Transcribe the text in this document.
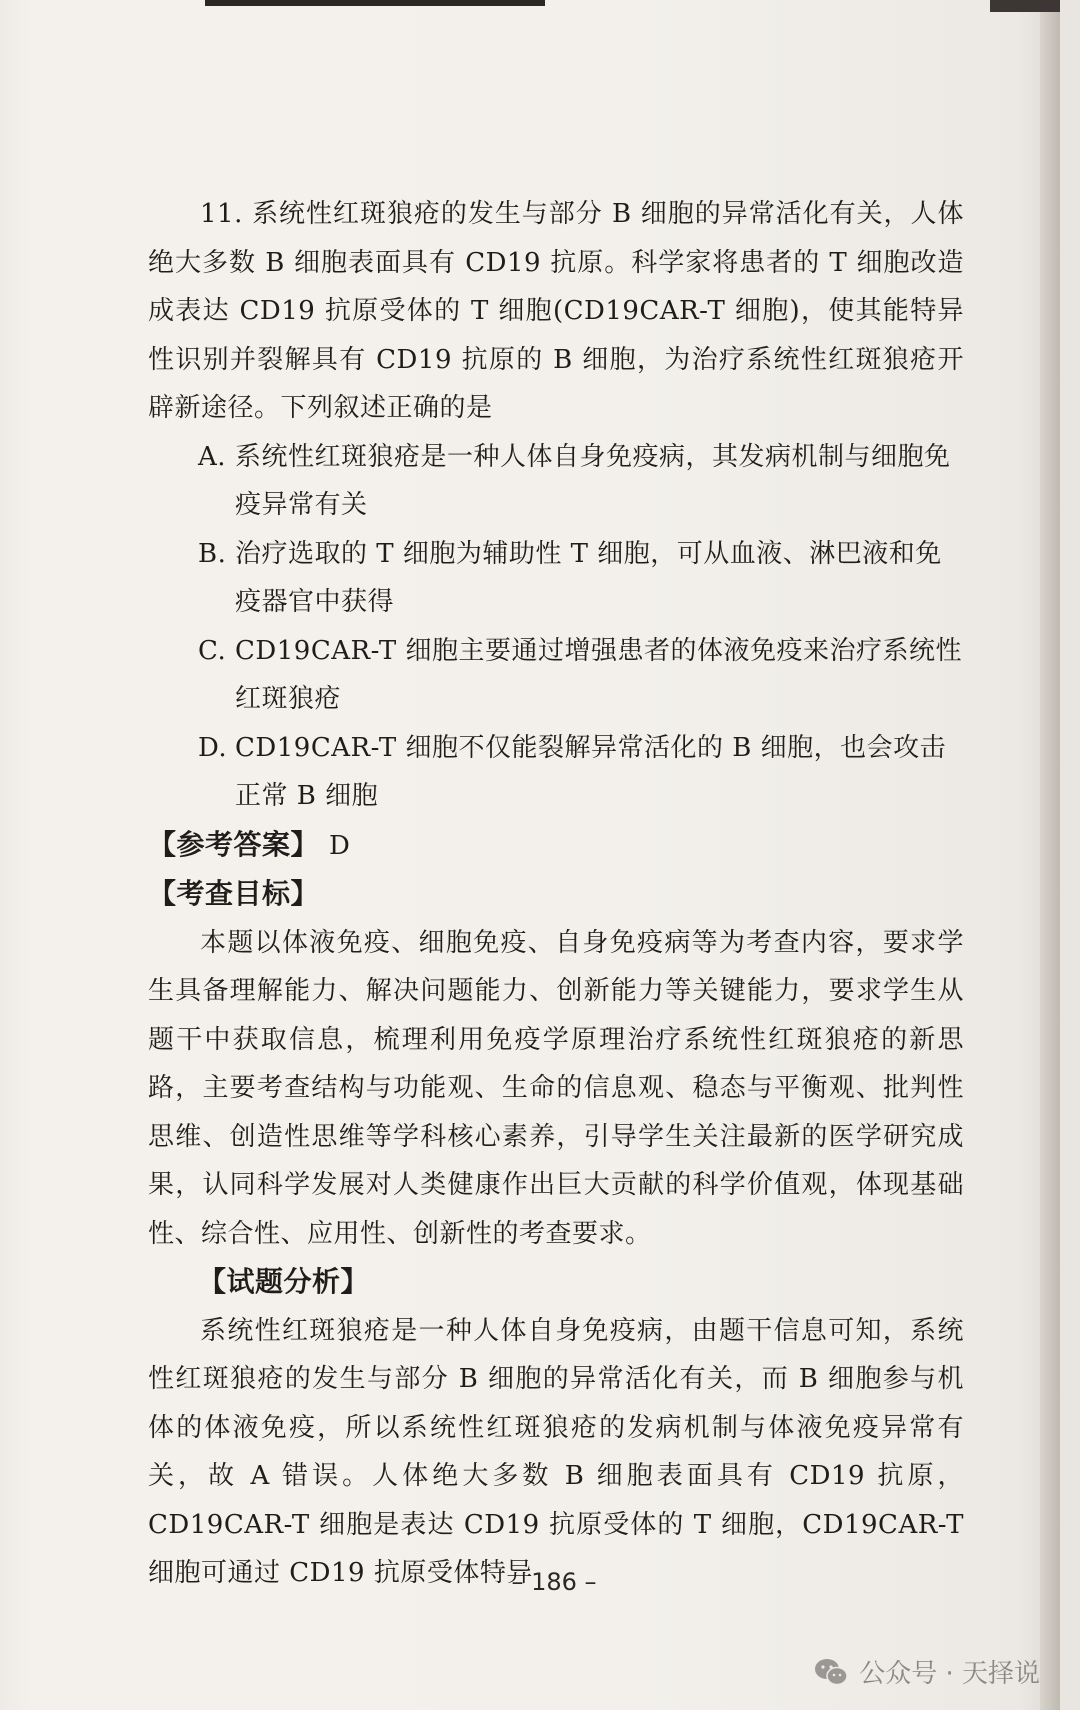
11. 系统性红斑狼疮的发生与部分 B 细胞的异常活化有关，人体绝大多数 B 细胞表面具有 CD19 抗原。科学家将患者的 T 细胞改造成表达 CD19 抗原受体的 T 细胞(CD19CAR-T 细胞)，使其能特异性识别并裂解具有 CD19 抗原的 B 细胞，为治疗系统性红斑狼疮开辟新途径。下列叙述正确的是

A. 系统性红斑狼疮是一种人体自身免疫病，其发病机制与细胞免疫异常有关
B. 治疗选取的 T 细胞为辅助性 T 细胞，可从血液、淋巴液和免疫器官中获得
C. CD19CAR-T 细胞主要通过增强患者的体液免疫来治疗系统性红斑狼疮
D. CD19CAR-T 细胞不仅能裂解异常活化的 B 细胞，也会攻击正常 B 细胞

【参考答案】 D

【考查目标】

本题以体液免疫、细胞免疫、自身免疫病等为考查内容，要求学生具备理解能力、解决问题能力、创新能力等关键能力，要求学生从题干中获取信息，梳理利用免疫学原理治疗系统性红斑狼疮的新思路，主要考查结构与功能观、生命的信息观、稳态与平衡观、批判性思维、创造性思维等学科核心素养，引导学生关注最新的医学研究成果，认同科学发展对人类健康作出巨大贡献的科学价值观，体现基础性、综合性、应用性、创新性的考查要求。

【试题分析】

系统性红斑狼疮是一种人体自身免疫病，由题干信息可知，系统性红斑狼疮的发生与部分 B 细胞的异常活化有关，而 B 细胞参与机体的体液免疫，所以系统性红斑狼疮的发病机制与体液免疫异常有关，故 A 错误。人体绝大多数 B 细胞表面具有 CD19 抗原，CD19CAR-T 细胞是表达 CD19 抗原受体的 T 细胞，CD19CAR-T 细胞可通过 CD19 抗原受体特异

– 186 –
公众号 · 天择说
